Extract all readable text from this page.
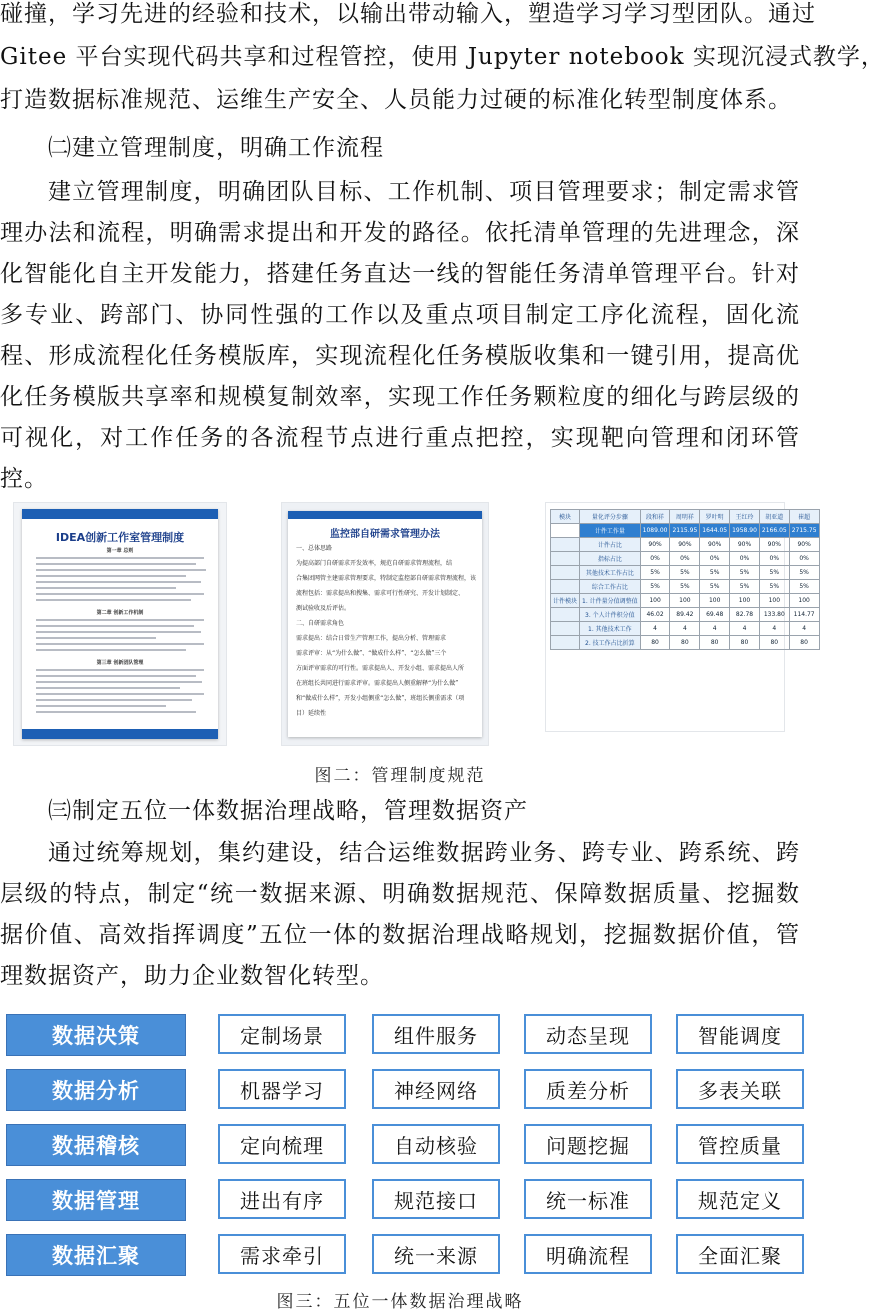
碰撞，学习先进的经验和技术，以输出带动输入，塑造学习学习型团队。通过
Gitee 平台实现代码共享和过程管控，使用 Jupyter notebook 实现沉浸式教学，
打造数据标准规范、运维生产安全、人员能力过硬的标准化转型制度体系。
㈡建立管理制度，明确工作流程

建立管理制度，明确团队目标、工作机制、项目管理要求；制定需求管理办法和流程，明确需求提出和开发的路径。依托清单管理的先进理念，深化智能化自主开发能力，搭建任务直达一线的智能任务清单管理平台。针对多专业、跨部门、协同性强的工作以及重点项目制定工序化流程，固化流程、形成流程化任务模版库，实现流程化任务模版收集和一键引用，提高优化任务模版共享率和规模复制效率，实现工作任务颗粒度的细化与跨层级的可视化，对工作任务的各流程节点进行重点把控，实现靶向管理和闭环管控。

IDEA创新工作室管理制度
第一章 总则
第二章 创新工作机制
第三章 创新团队管理
监控部自研需求管理办法
一、总体思路
为提高部门自研需求开发效率，规范自研需求管理流程，结
合集团网管主建需求管理要求，特制定监控部自研需求管理流程，该
流程包括：需求提出和搜集、需求可行性研究、开发计划制定、
测试验收及后评估。
二、自研需求角色
需求提出：结合日常生产管理工作，提出分析、管理需求
需求评审：从“为什么做”、“做成什么样”、“怎么做”三个
方面评审需求的可行性。需求提出人、开发小组、需求提出人所
在班组长共同进行需求评审。需求提出人侧重解释“为什么做”
和“做成什么样”，开发小组侧重“怎么做”，班组长侧重需求（项
目）延续性
模块	量化评分步骤	段和祥	周明祥	罗叶明	王红玲	胡亚道	崔超
	计件工作量	1089.00	2115.95	1644.05	1958.90	2166.05	2715.75
	计件占比	90%	90%	90%	90%	90%	90%
	指标占比	0%	0%	0%	0%	0%	0%
	其他技术工作占比	5%	5%	5%	5%	5%	5%
	综合工作占比	5%	5%	5%	5%	5%	5%
计件模块	1. 计件量分值调整值	100	100	100	100	100	100
	3. 个人计件积分值	46.02	89.42	69.48	82.78	133.80	114.77
	1. 其他技术工作	4	4	4	4	4	4
	2. 技工作占比折算	80	80	80	80	80	80
图二：管理制度规范
㈢制定五位一体数据治理战略，管理数据资产

通过统筹规划，集约建设，结合运维数据跨业务、跨专业、跨系统、跨层级的特点，制定“统一数据来源、明确数据规范、保障数据质量、挖掘数据价值、高效指挥调度”五位一体的数据治理战略规划，挖掘数据价值，管理数据资产，助力企业数智化转型。

数据决策	定制场景	组件服务	动态呈现	智能调度
数据分析	机器学习	神经网络	质差分析	多表关联
数据稽核	定向梳理	自动核验	问题挖掘	管控质量
数据管理	进出有序	规范接口	统一标准	规范定义
数据汇聚	需求牵引	统一来源	明确流程	全面汇聚
图三：五位一体数据治理战略
